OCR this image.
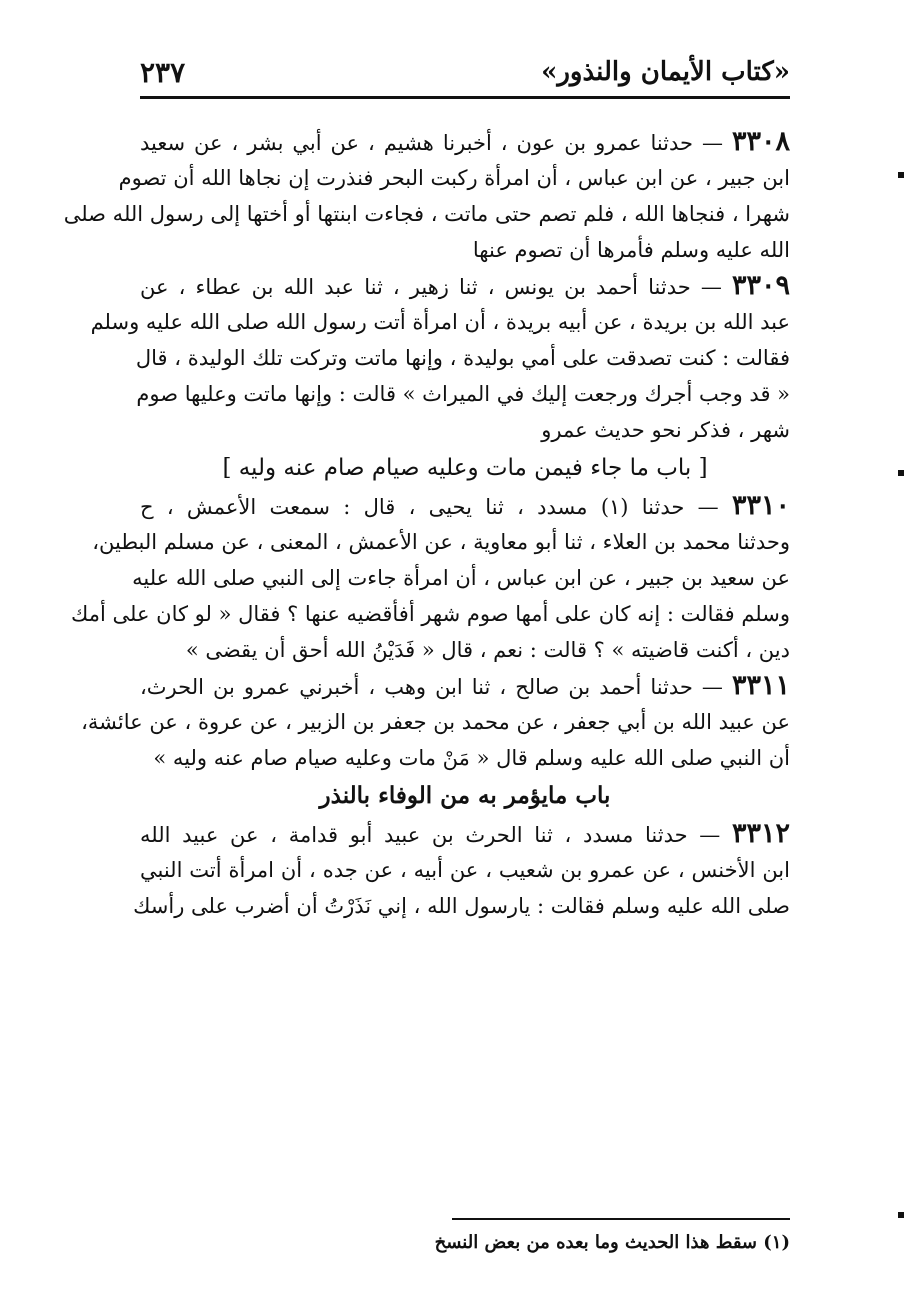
٢٣٧	«كتاب الأيمان والنذور»
٣٣٠٨ — حدثنا عمرو بن عون ، أخبرنا هشيم ، عن أبي بشر ، عن سعيد
ابن جبير ، عن ابن عباس ، أن امرأة ركبت البحر فنذرت إن نجاها الله أن تصوم
شهرا ، فنجاها الله ، فلم تصم حتى ماتت ، فجاءت ابنتها أو أختها إلى رسول الله صلى
الله عليه وسلم فأمرها أن تصوم عنها
٣٣٠٩ — حدثنا أحمد بن يونس ، ثنا زهير ، ثنا عبد الله بن عطاء ، عن
عبد الله بن بريدة ، عن أبيه بريدة ، أن امرأة أتت رسول الله صلى الله عليه وسلم
فقالت : كنت تصدقت على أمي بوليدة ، وإنها ماتت وتركت تلك الوليدة ، قال
« قد وجب أجرك ورجعت إليك في الميراث » قالت : وإنها ماتت وعليها صوم
شهر ، فذكر نحو حديث عمرو
[ باب ما جاء فيمن مات وعليه صيام صام عنه وليه ]
٣٣١٠ — حدثنا (١) مسدد ، ثنا يحيى ، قال : سمعت الأعمش ، ح
وحدثنا محمد بن العلاء ، ثنا أبو معاوية ، عن الأعمش ، المعنى ، عن مسلم البطين،
عن سعيد بن جبير ، عن ابن عباس ، أن امرأة جاءت إلى النبي صلى الله عليه
وسلم فقالت : إنه كان على أمها صوم شهر أفأقضيه عنها ؟ فقال « لو كان على أمك
دين ، أكنت قاضيته » ؟ قالت : نعم ، قال « فَدَيْنُ الله أحق أن يقضى »
٣٣١١ — حدثنا أحمد بن صالح ، ثنا ابن وهب ، أخبرني عمرو بن الحرث،
عن عبيد الله بن أبي جعفر ، عن محمد بن جعفر بن الزبير ، عن عروة ، عن عائشة،
أن النبي صلى الله عليه وسلم قال « مَنْ مات وعليه صيام صام عنه وليه »
باب مايؤمر به من الوفاء بالنذر
٣٣١٢ — حدثنا مسدد ، ثنا الحرث بن عبيد أبو قدامة ، عن عبيد الله
ابن الأخنس ، عن عمرو بن شعيب ، عن أبيه ، عن جده ، أن امرأة أتت النبي
صلى الله عليه وسلم فقالت : يارسول الله ، إني نَذَرْتُ أن أضرب على رأسك
(١) سقط هذا الحديث وما بعده من بعض النسخ
